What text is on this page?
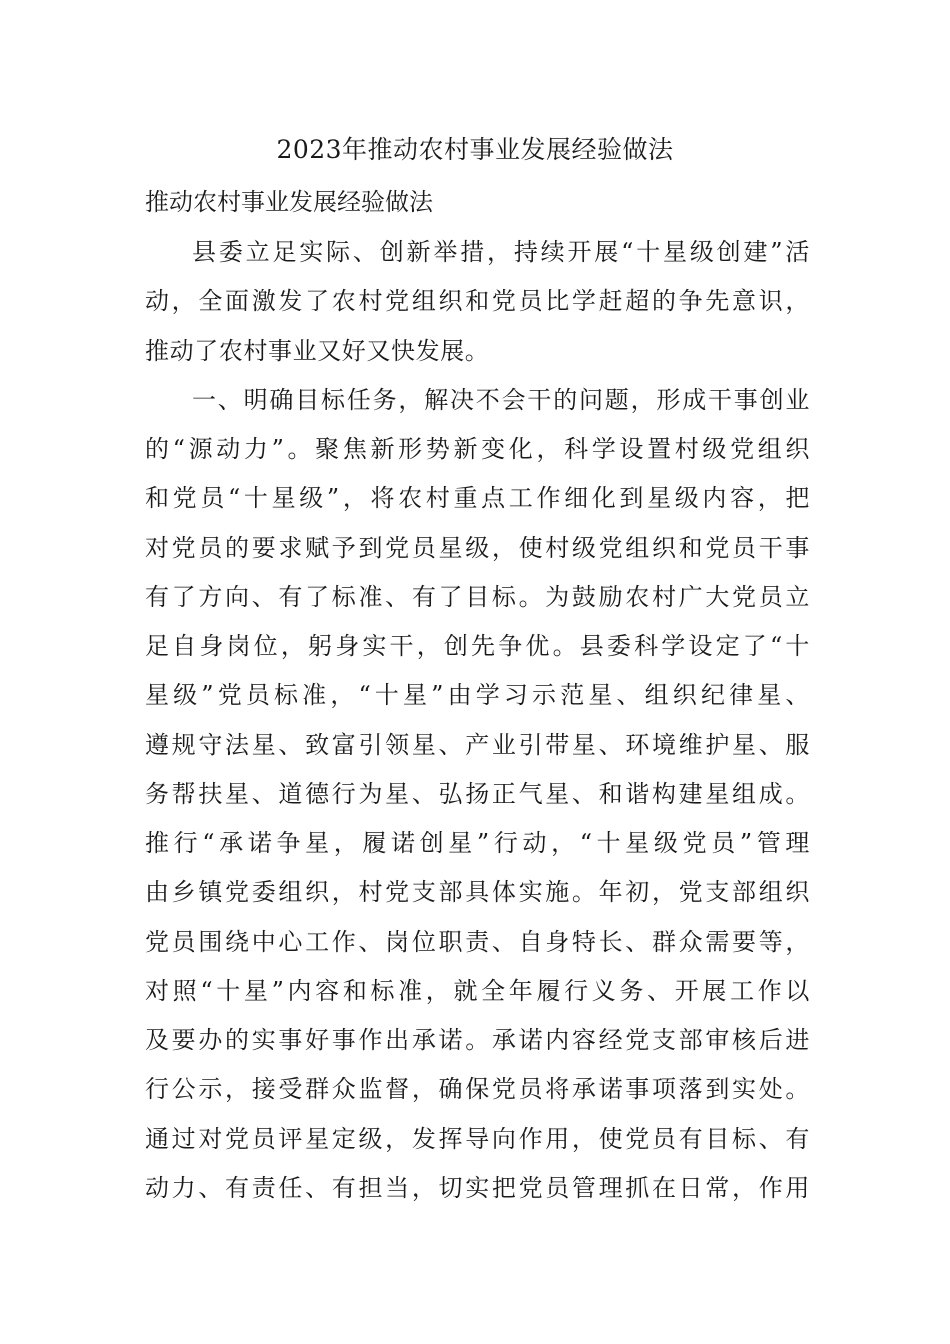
2023年推动农村事业发展经验做法
推动农村事业发展经验做法
县委立足实际、创新举措，持续开展“十星级创建”活
动，全面激发了农村党组织和党员比学赶超的争先意识，
推动了农村事业又好又快发展。
一、明确目标任务，解决不会干的问题，形成干事创业
的“源动力”。聚焦新形势新变化，科学设置村级党组织
和党员“十星级”，将农村重点工作细化到星级内容，把
对党员的要求赋予到党员星级，使村级党组织和党员干事
有了方向、有了标准、有了目标。为鼓励农村广大党员立
足自身岗位，躬身实干，创先争优。县委科学设定了“十
星级”党员标准，“十星”由学习示范星、组织纪律星、
遵规守法星、致富引领星、产业引带星、环境维护星、服
务帮扶星、道德行为星、弘扬正气星、和谐构建星组成。
推行“承诺争星，履诺创星”行动，“十星级党员”管理
由乡镇党委组织，村党支部具体实施。年初，党支部组织
党员围绕中心工作、岗位职责、自身特长、群众需要等，
对照“十星”内容和标准，就全年履行义务、开展工作以
及要办的实事好事作出承诺。承诺内容经党支部审核后进
行公示，接受群众监督，确保党员将承诺事项落到实处。
通过对党员评星定级，发挥导向作用，使党员有目标、有
动力、有责任、有担当，切实把党员管理抓在日常，作用
